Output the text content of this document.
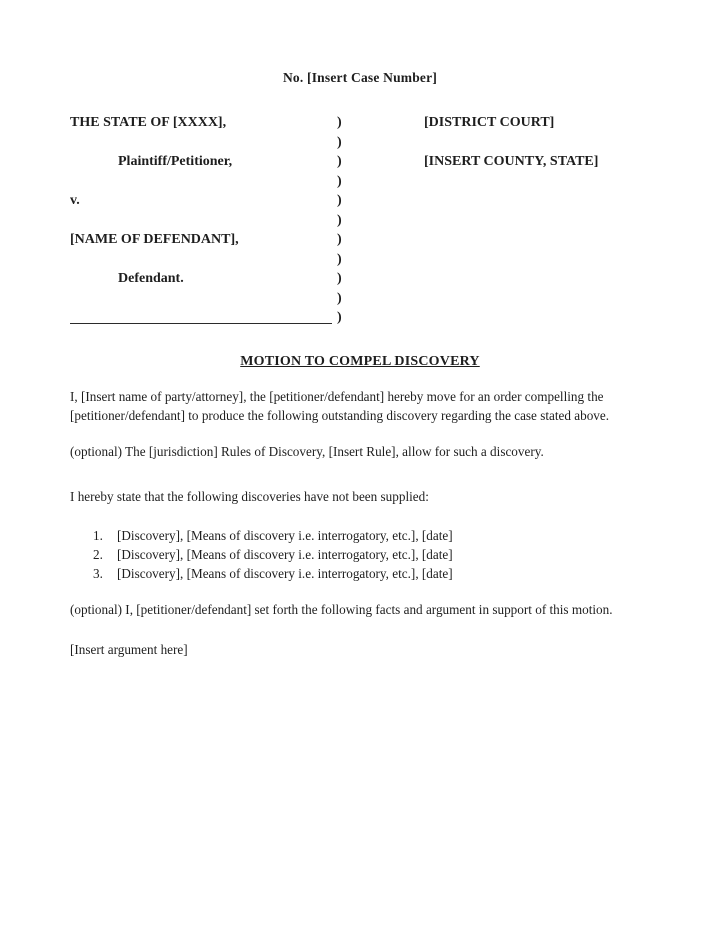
No. [Insert Case Number]
THE STATE OF [XXXX],	)	[DISTRICT COURT]
)
Plaintiff/Petitioner,	)	[INSERT COUNTY, STATE]
)
v.	)
)
[NAME OF DEFENDANT],	)
)
Defendant.	)
)
)
MOTION TO COMPEL DISCOVERY
I, [Insert name of party/attorney], the [petitioner/defendant] hereby move for an order compelling the [petitioner/defendant] to produce the following outstanding discovery regarding the case stated above.
(optional) The [jurisdiction] Rules of Discovery, [Insert Rule], allow for such a discovery.
I hereby state that the following discoveries have not been supplied:
1.	[Discovery], [Means of discovery i.e. interrogatory, etc.], [date]
2.	[Discovery], [Means of discovery i.e. interrogatory, etc.], [date]
3.	[Discovery], [Means of discovery i.e. interrogatory, etc.], [date]
(optional) I, [petitioner/defendant] set forth the following facts and argument in support of this motion.
[Insert argument here]
